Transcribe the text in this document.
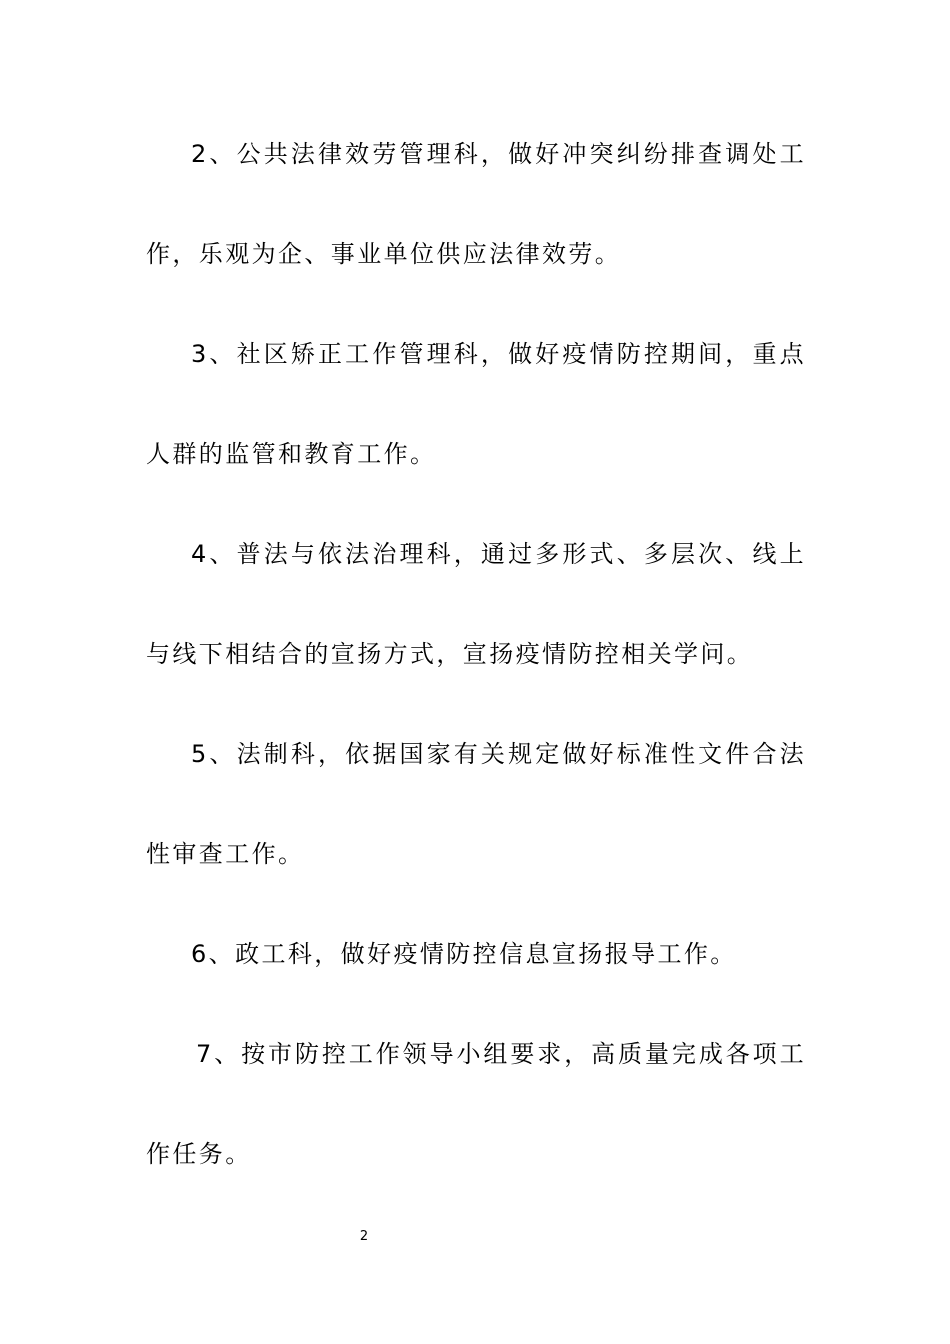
2、公共法律效劳管理科，做好冲突纠纷排查调处工作，乐观为企、事业单位供应法律效劳。

3、社区矫正工作管理科，做好疫情防控期间，重点人群的监管和教育工作。

4、普法与依法治理科，通过多形式、多层次、线上与线下相结合的宣扬方式，宣扬疫情防控相关学问。

5、法制科，依据国家有关规定做好标准性文件合法性审查工作。

6、政工科，做好疫情防控信息宣扬报导工作。

7、按市防控工作领导小组要求，高质量完成各项工作任务。

2
